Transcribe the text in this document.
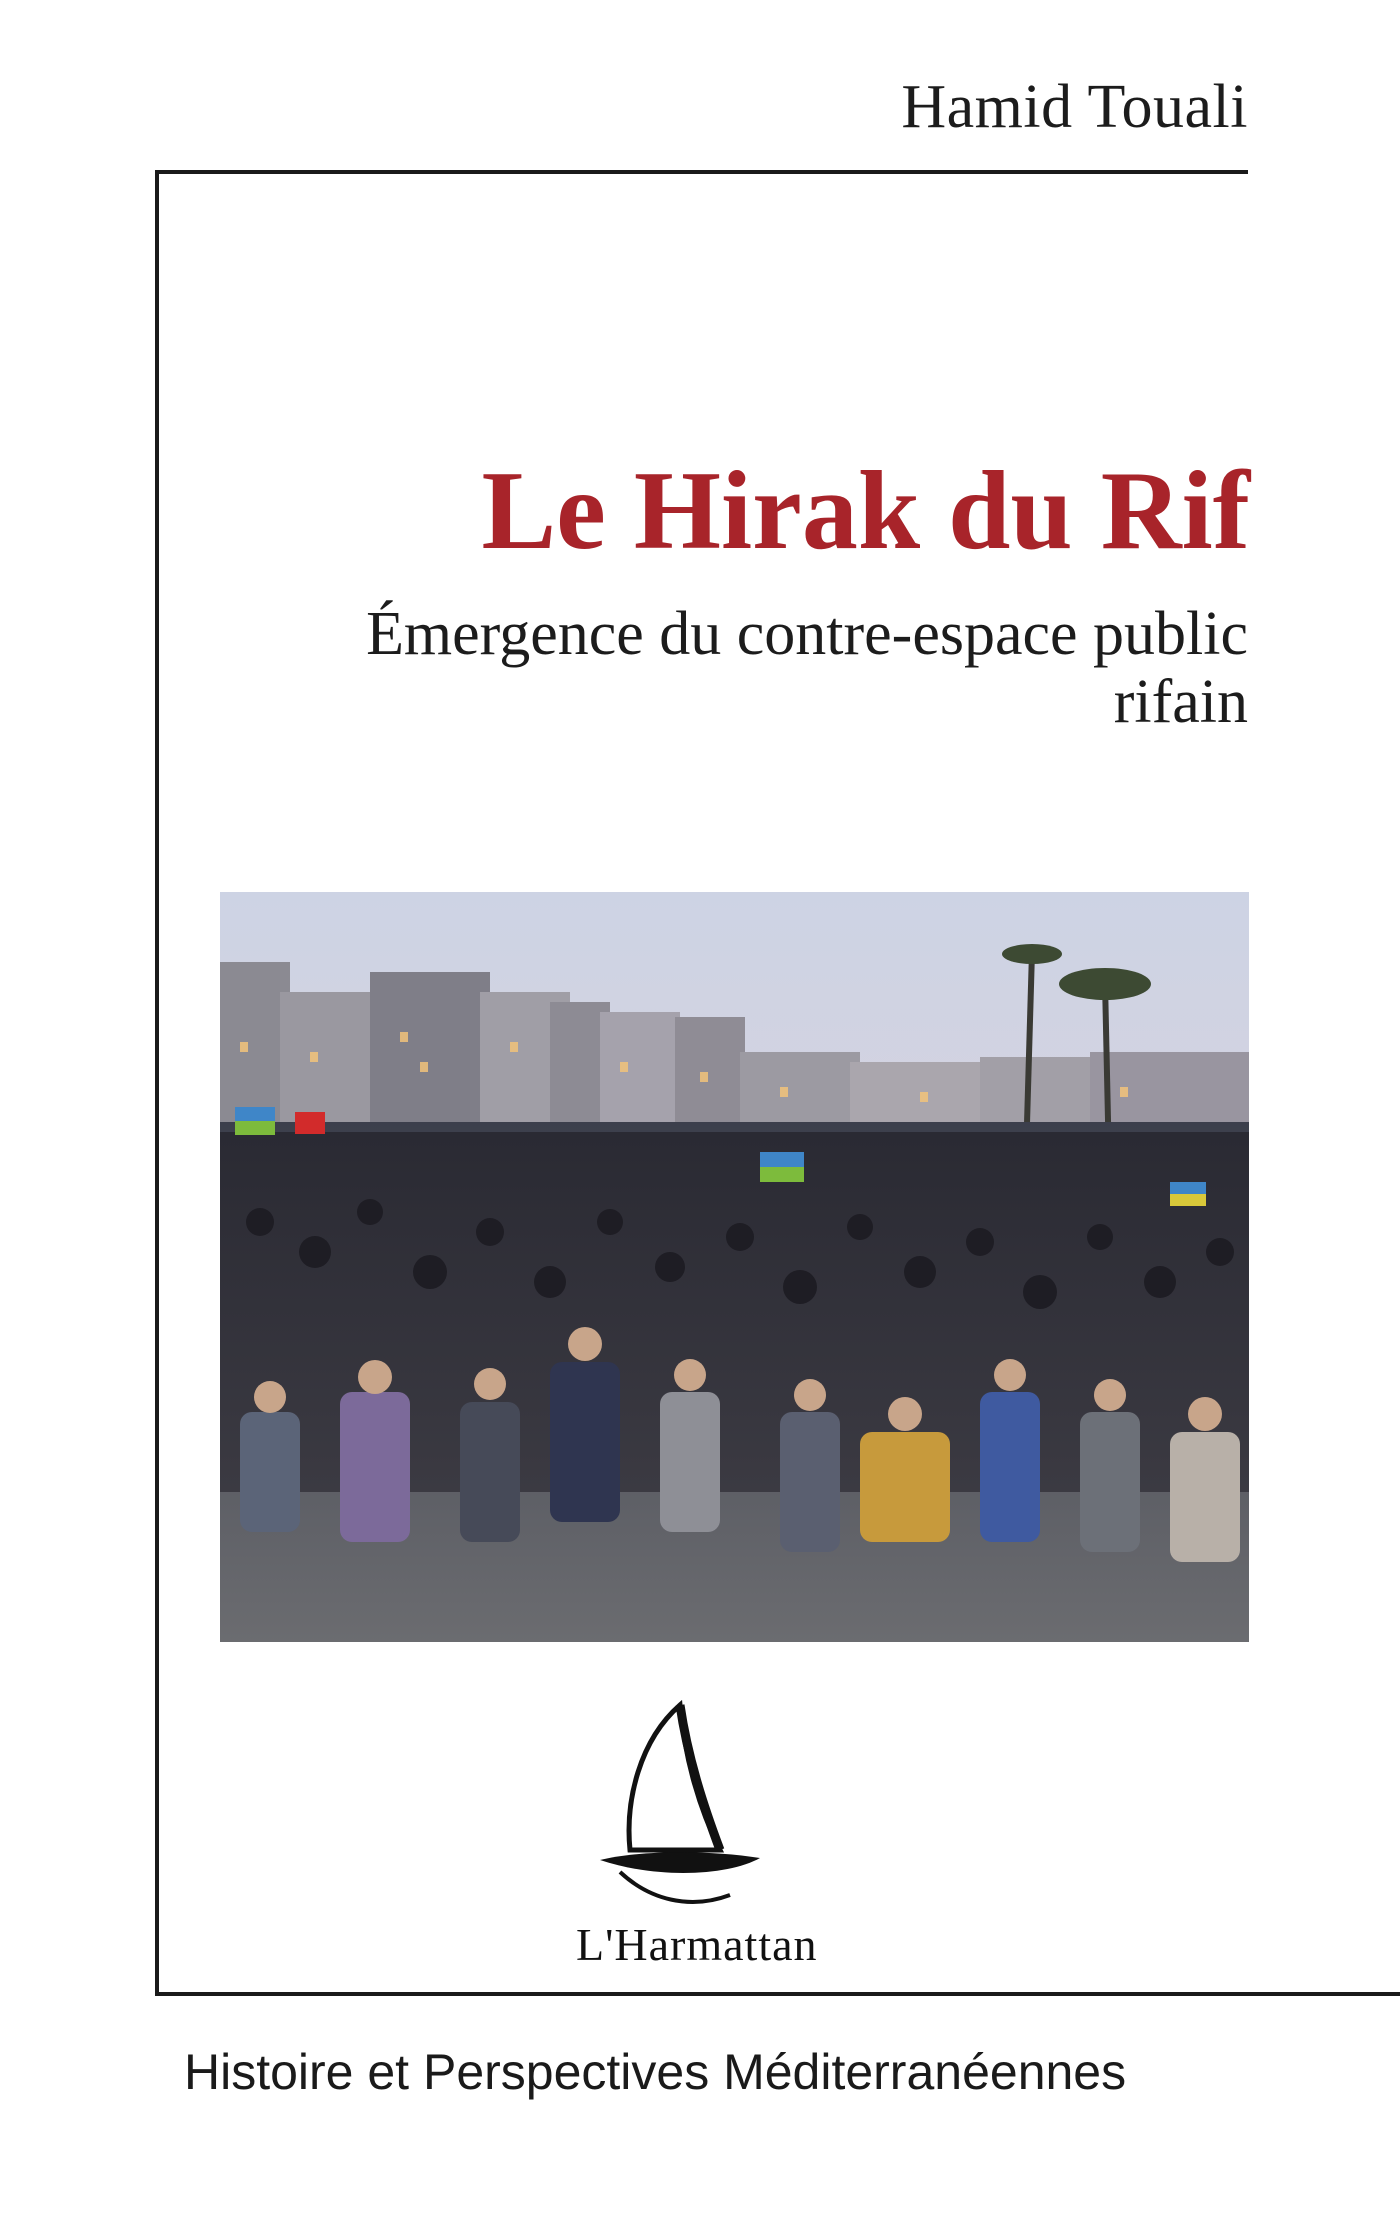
Hamid Touali
Le Hirak du Rif
Émergence du contre-espace public
rifain
L'Harmattan
Histoire et Perspectives Méditerranéennes
